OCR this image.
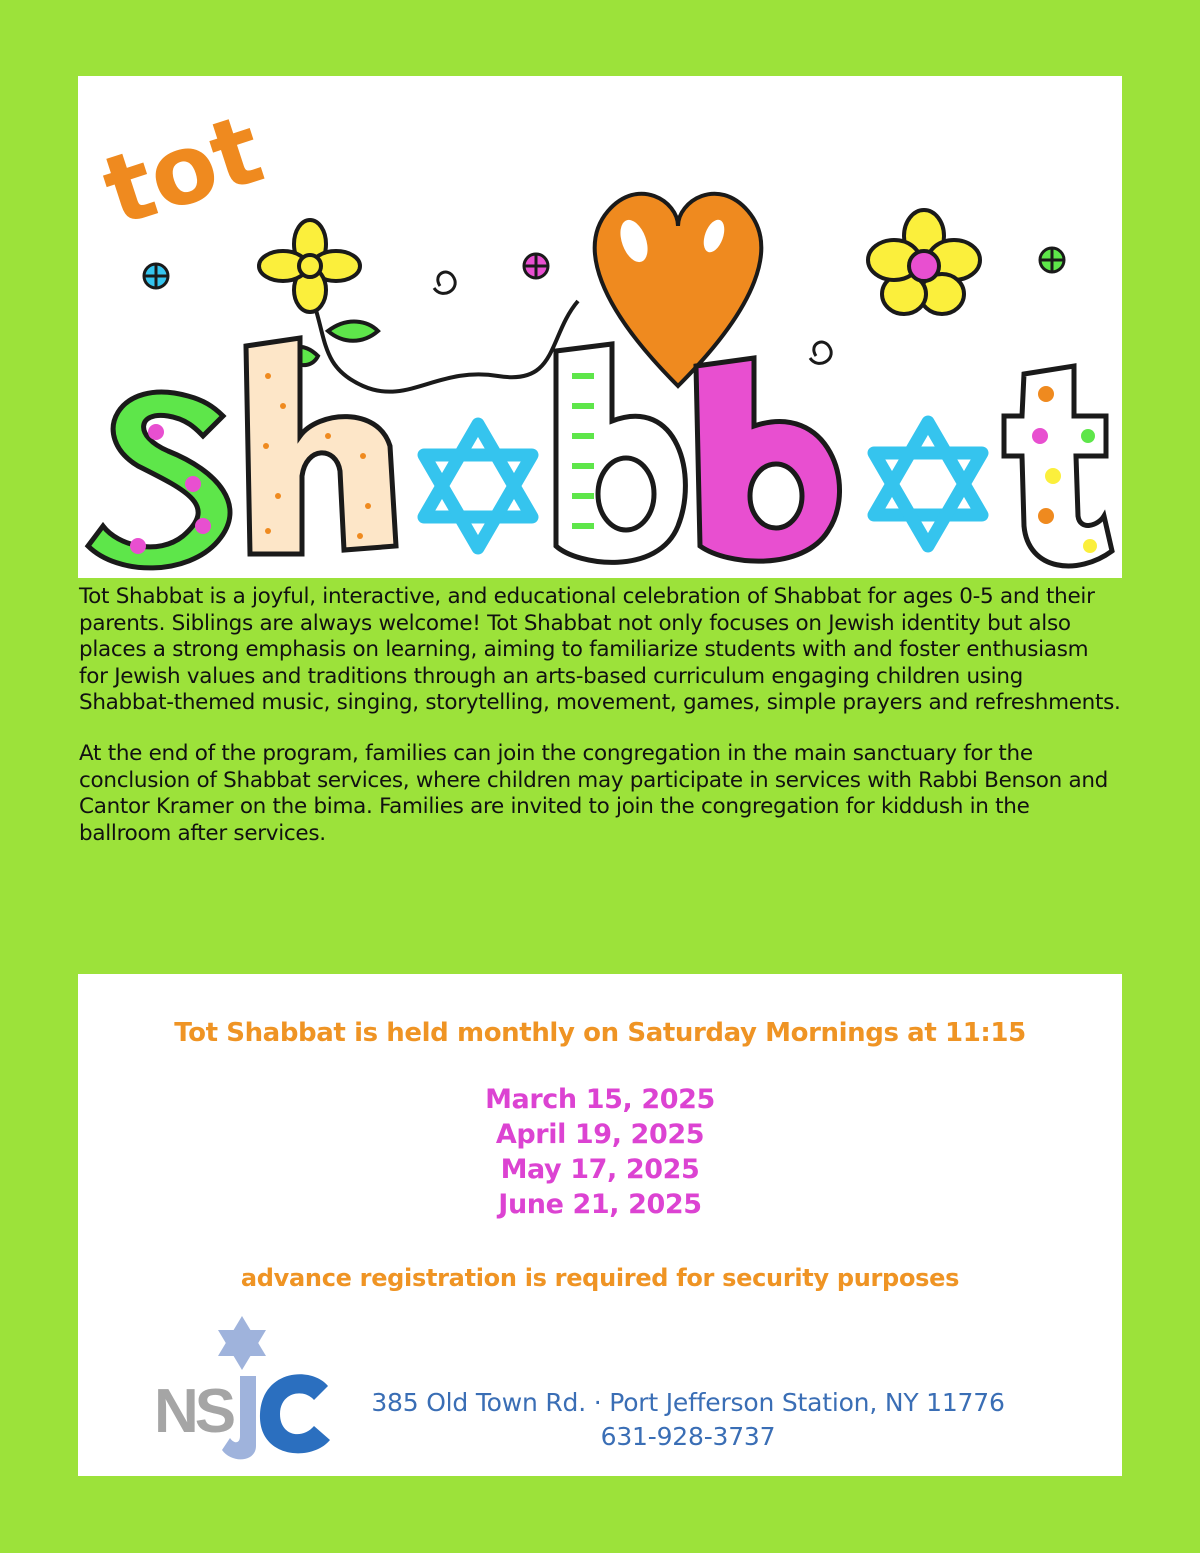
tot

Tot Shabbat is a joyful, interactive, and educational celebration of Shabbat for ages 0-5 and their parents. Siblings are always welcome! Tot Shabbat not only focuses on Jewish identity but also places a strong emphasis on learning, aiming to familiarize students with and foster enthusiasm for Jewish values and traditions through an arts-based curriculum engaging children using Shabbat-themed music, singing, storytelling, movement, games, simple prayers and refreshments.

At the end of the program, families can join the congregation in the main sanctuary for the conclusion of Shabbat services, where children may participate in services with Rabbi Benson and Cantor Kramer on the bima. Families are invited to join the congregation for kiddush in the ballroom after services.

Tot Shabbat is held monthly on Saturday Mornings at 11:15
March 15, 2025
April 19, 2025
May 17, 2025
June 21, 2025
advance registration is required for security purposes
NS	385 Old Town Rd. · Port Jefferson Station, NY 11776
631-928-3737
